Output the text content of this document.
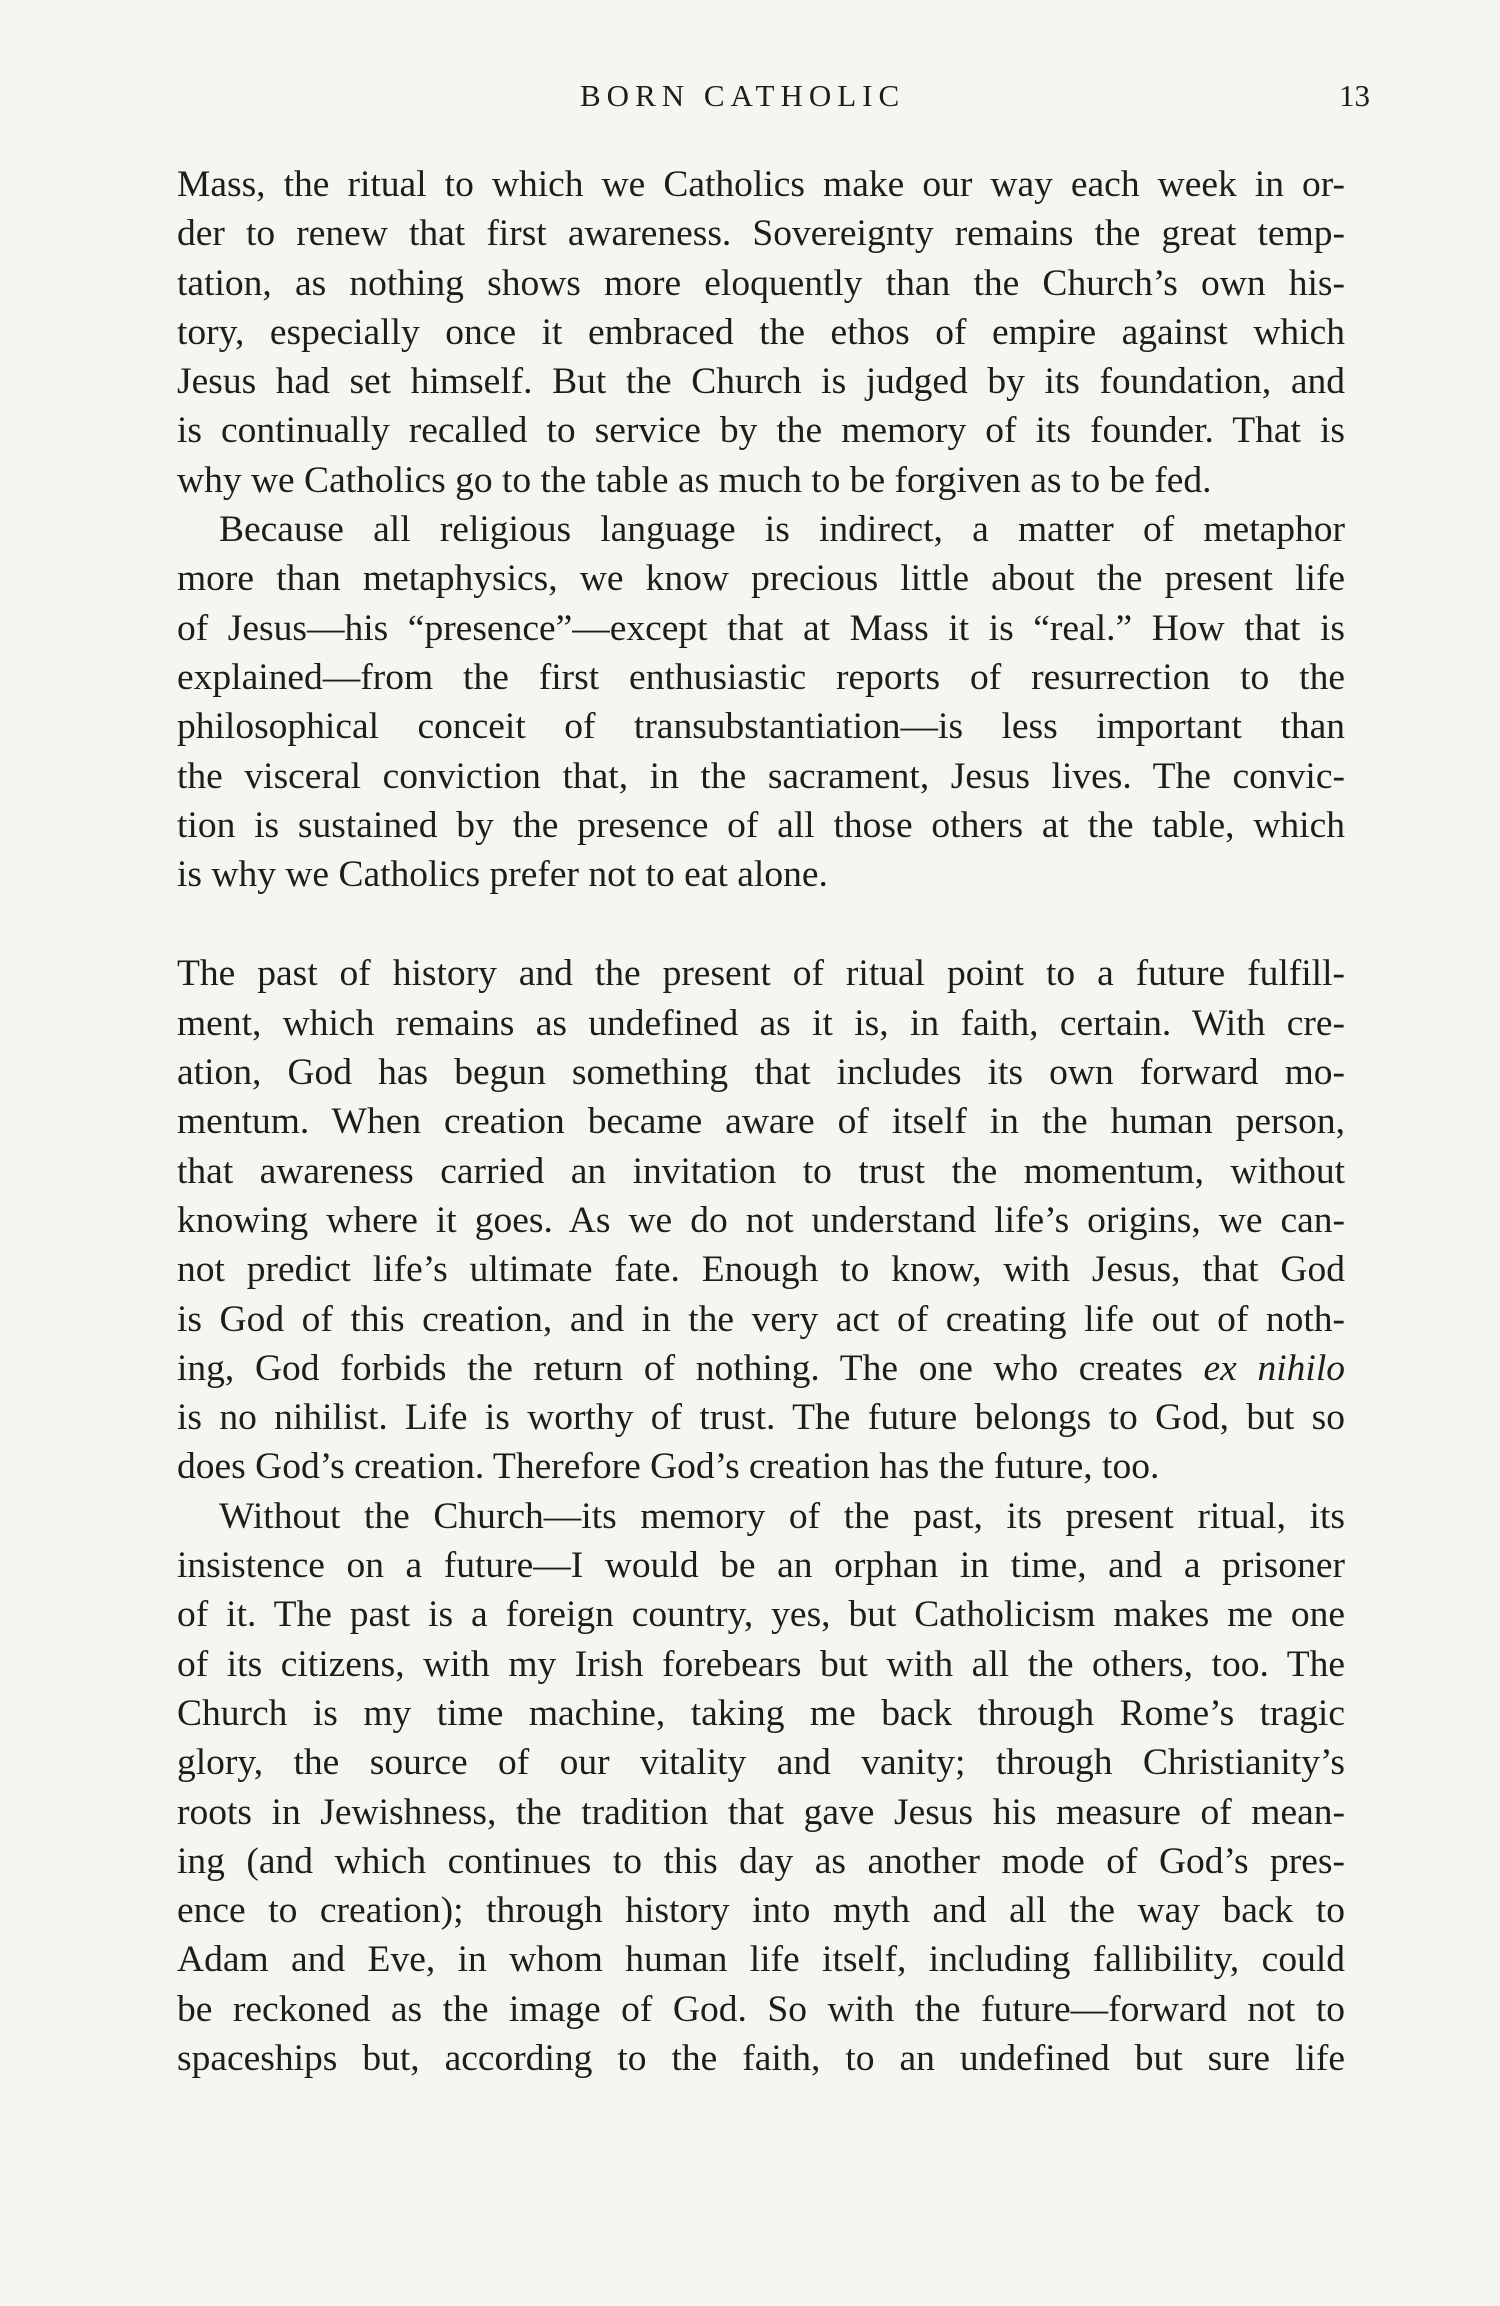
BORN CATHOLIC	13

Mass, the ritual to which we Catholics make our way each week in or-
der to renew that first awareness. Sovereignty remains the great temp-
tation, as nothing shows more eloquently than the Church’s own his-
tory, especially once it embraced the ethos of empire against which
Jesus had set himself. But the Church is judged by its foundation, and
is continually recalled to service by the memory of its founder. That is
why we Catholics go to the table as much to be forgiven as to be fed.

Because all religious language is indirect, a matter of metaphor
more than metaphysics, we know precious little about the present life
of Jesus—his “presence”—except that at Mass it is “real.” How that is
explained—from the first enthusiastic reports of resurrection to the
philosophical conceit of transubstantiation—is less important than
the visceral conviction that, in the sacrament, Jesus lives. The convic-
tion is sustained by the presence of all those others at the table, which
is why we Catholics prefer not to eat alone.

The past of history and the present of ritual point to a future fulfill-
ment, which remains as undefined as it is, in faith, certain. With cre-
ation, God has begun something that includes its own forward mo-
mentum. When creation became aware of itself in the human person,
that awareness carried an invitation to trust the momentum, without
knowing where it goes. As we do not understand life’s origins, we can-
not predict life’s ultimate fate. Enough to know, with Jesus, that God
is God of this creation, and in the very act of creating life out of noth-
ing, God forbids the return of nothing. The one who creates ex nihilo
is no nihilist. Life is worthy of trust. The future belongs to God, but so
does God’s creation. Therefore God’s creation has the future, too.

Without the Church—its memory of the past, its present ritual, its
insistence on a future—I would be an orphan in time, and a prisoner
of it. The past is a foreign country, yes, but Catholicism makes me one
of its citizens, with my Irish forebears but with all the others, too. The
Church is my time machine, taking me back through Rome’s tragic
glory, the source of our vitality and vanity; through Christianity’s
roots in Jewishness, the tradition that gave Jesus his measure of mean-
ing (and which continues to this day as another mode of God’s pres-
ence to creation); through history into myth and all the way back to
Adam and Eve, in whom human life itself, including fallibility, could
be reckoned as the image of God. So with the future—forward not to
spaceships but, according to the faith, to an undefined but sure life
